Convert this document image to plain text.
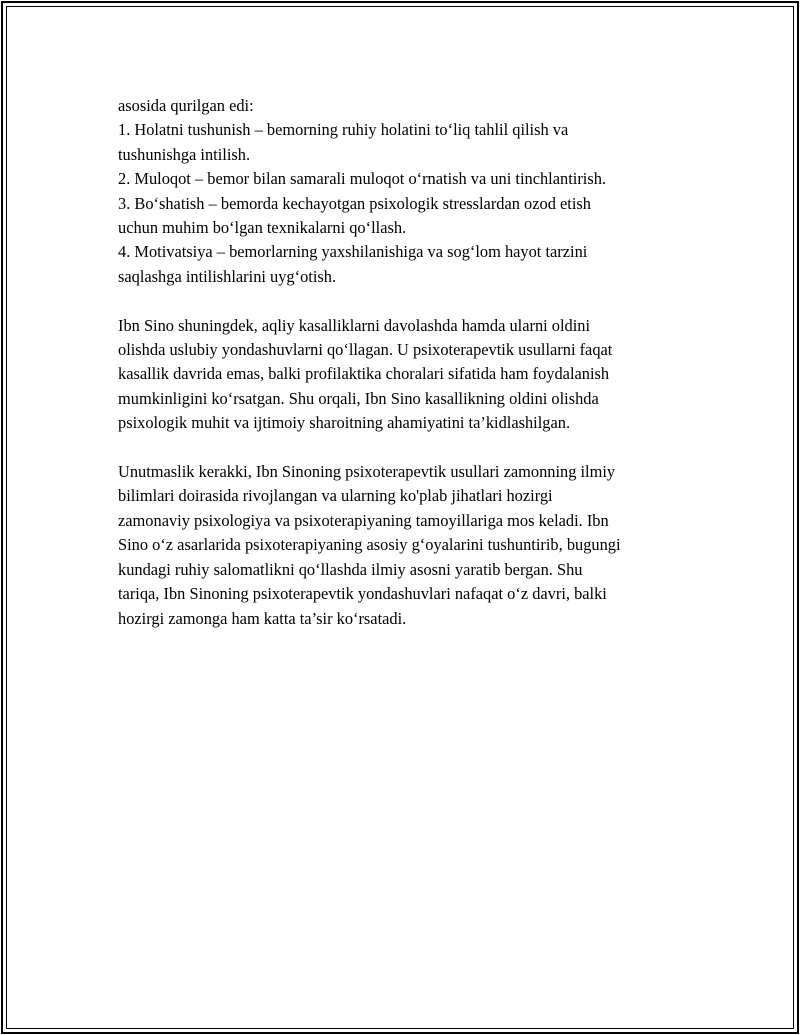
asosida qurilgan edi:
1. Holatni tushunish – bemorning ruhiy holatini to‘liq tahlil qilish va
tushunishga intilish.
2. Muloqot – bemor bilan samarali muloqot o‘rnatish va uni tinchlantirish.
3. Bo‘shatish – bemorda kechayotgan psixologik stresslardan ozod etish
uchun muhim bo‘lgan texnikalarni qo‘llash.
4. Motivatsiya – bemorlarning yaxshilanishiga va sog‘lom hayot tarzini
saqlashga intilishlarini uyg‘otish.

Ibn Sino shuningdek, aqliy kasalliklarni davolashda hamda ularni oldini
olishda uslubiy yondashuvlarni qo‘llagan. U psixoterapevtik usullarni faqat
kasallik davrida emas, balki profilaktika choralari sifatida ham foydalanish
mumkinligini ko‘rsatgan. Shu orqali, Ibn Sino kasallikning oldini olishda
psixologik muhit va ijtimoiy sharoitning ahamiyatini ta’kidlashilgan.

Unutmaslik kerakki, Ibn Sinoning psixoterapevtik usullari zamonning ilmiy
bilimlari doirasida rivojlangan va ularning ko'plab jihatlari hozirgi
zamonaviy psixologiya va psixoterapiyaning tamoyillariga mos keladi. Ibn
Sino o‘z asarlarida psixoterapiyaning asosiy g‘oyalarini tushuntirib, bugungi
kundagi ruhiy salomatlikni qo‘llashda ilmiy asosni yaratib bergan. Shu
tariqa, Ibn Sinoning psixoterapevtik yondashuvlari nafaqat o‘z davri, balki
hozirgi zamonga ham katta ta’sir ko‘rsatadi.
